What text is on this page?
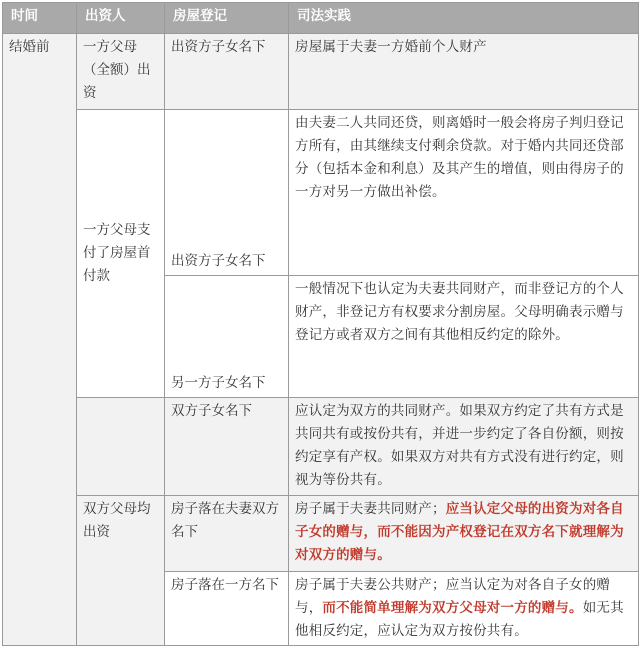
时间	出资人	房屋登记	司法实践
结婚前	一方父母（全额）出资	出资方子女名下	房屋属于夫妻一方婚前个人财产
	一方父母支付了房屋首付款	出资方子女名下	由夫妻二人共同还贷，则离婚时一般会将房子判归登记方所有，由其继续支付剩余贷款。对于婚内共同还贷部分（包括本金和利息）及其产生的增值，则由得房子的一方对另一方做出补偿。
		另一方子女名下	一般情况下也认定为夫妻共同财产，而非登记方的个人财产，非登记方有权要求分割房屋。父母明确表示赠与登记方或者双方之间有其他相反约定的除外。
		双方子女名下	应认定为双方的共同财产。如果双方约定了共有方式是共同共有或按份共有，并进一步约定了各自份额，则按约定享有产权。如果双方对共有方式没有进行约定，则视为等份共有。
	双方父母均出资	房子落在夫妻双方名下	房子属于夫妻共同财产；应当认定父母的出资为对各自子女的赠与，而不能因为产权登记在双方名下就理解为对双方的赠与。
		房子落在一方名下	房子属于夫妻公共财产；应当认定为对各自子女的赠与，而不能简单理解为双方父母对一方的赠与。如无其他相反约定，应认定为双方按份共有。
